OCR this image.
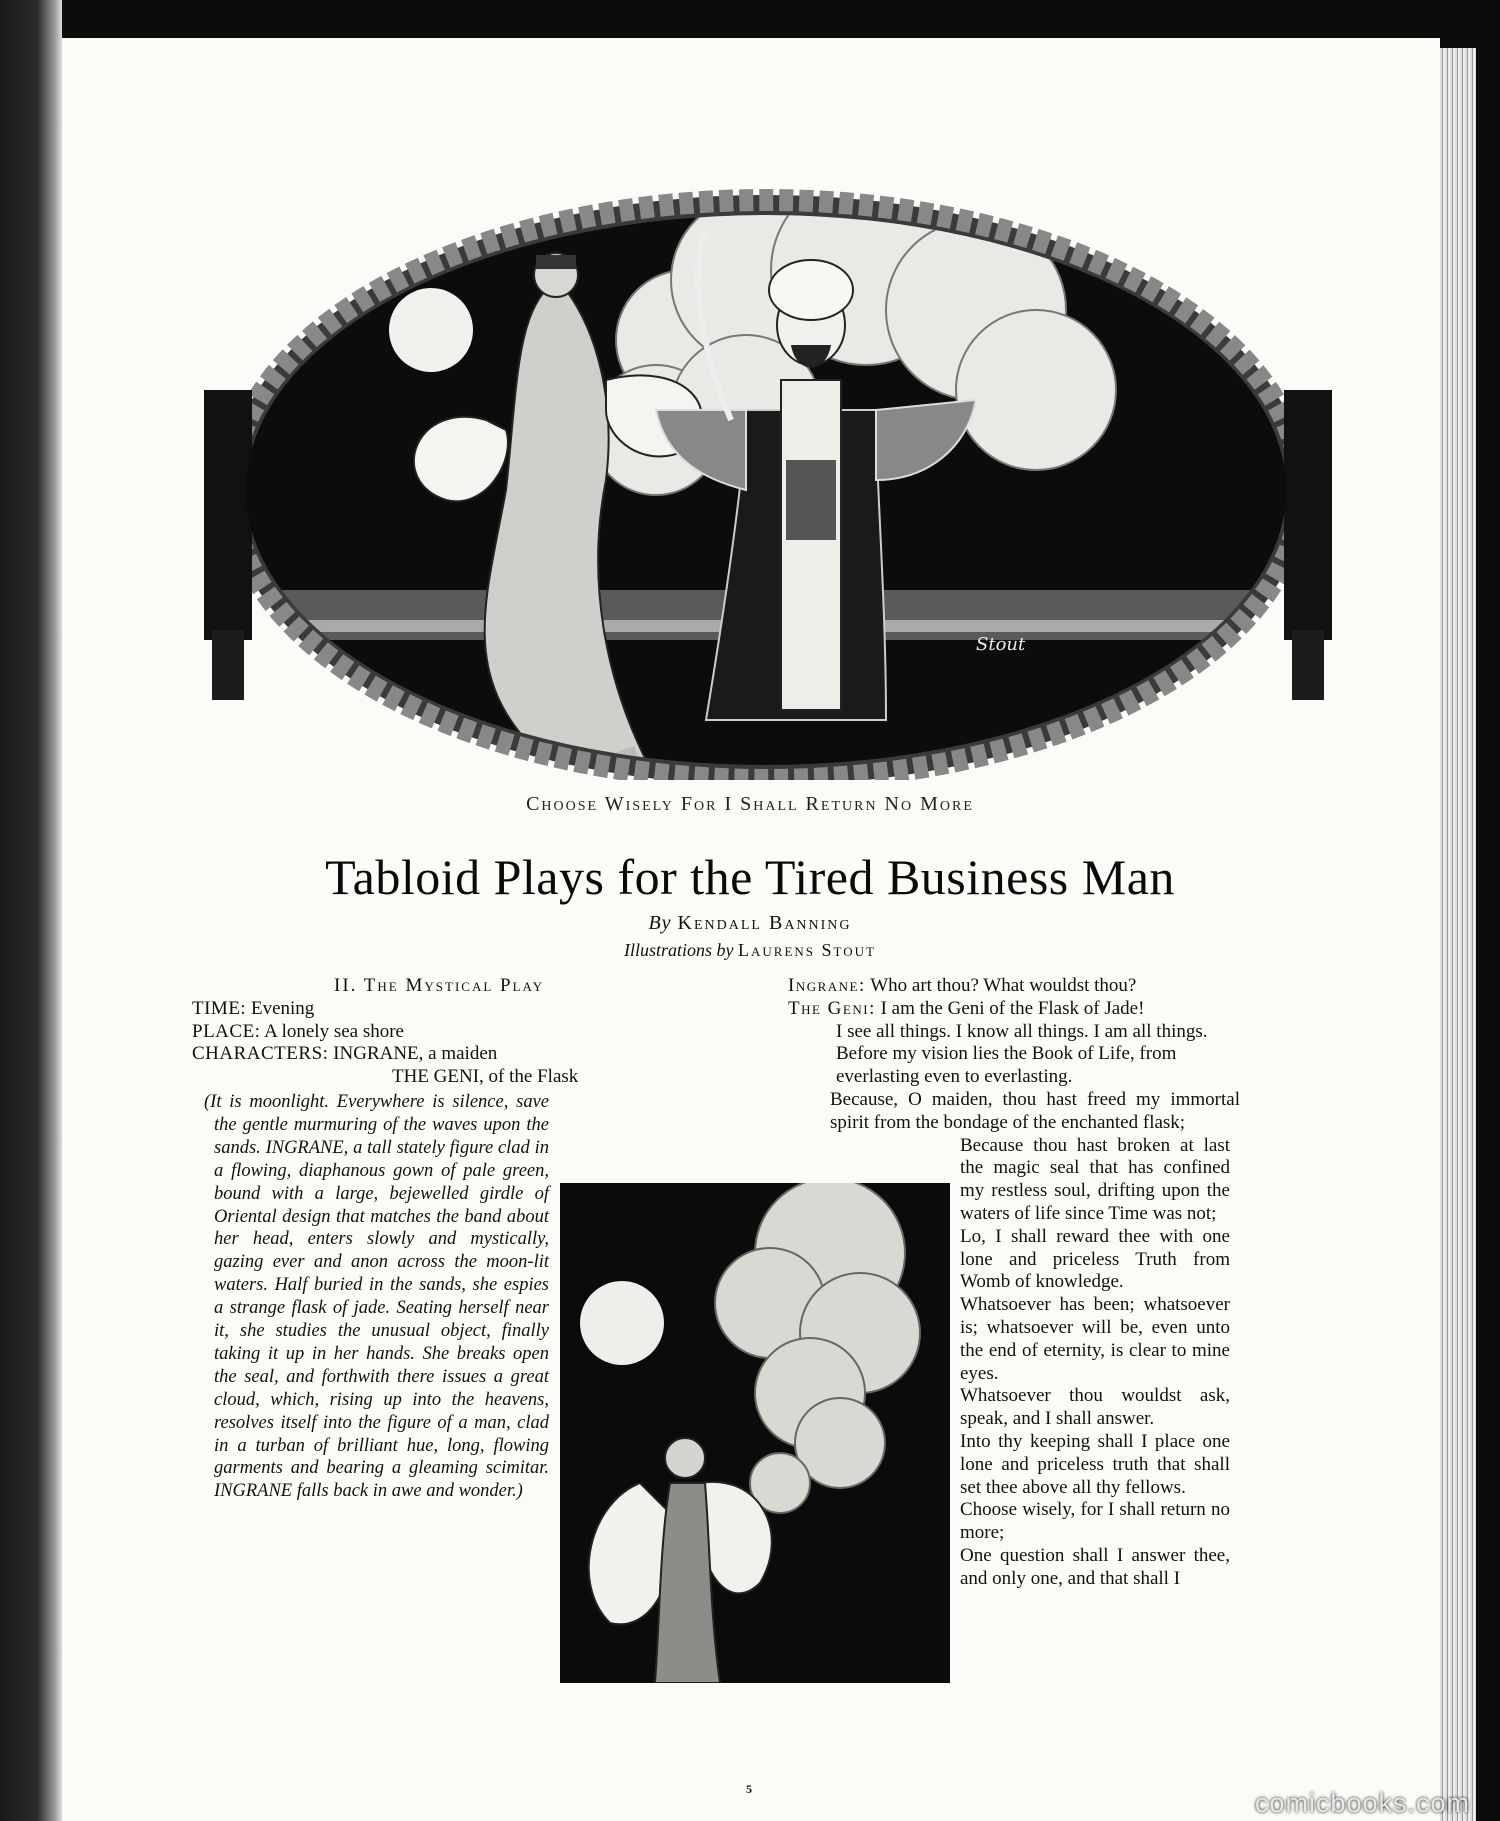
Stout
Choose Wisely For I Shall Return No More
Tabloid Plays for the Tired Business Man
By Kendall Banning
Illustrations by Laurens Stout
II. The Mystical Play
TIME: Evening
PLACE: A lonely sea shore
CHARACTERS: INGRANE, a maiden
THE GENI, of the Flask
(It is moonlight. Everywhere is silence, save the gentle murmuring of the waves upon the sands. INGRANE, a tall stately figure clad in a flowing, diaphanous gown of pale green, bound with a large, bejewelled girdle of Oriental design that matches the band about her head, enters slowly and mystically, gazing ever and anon across the moon-lit waters. Half buried in the sands, she espies a strange flask of jade. Seating herself near it, she studies the unusual object, finally taking it up in her hands. She breaks open the seal, and forthwith there issues a great cloud, which, rising up into the heavens, resolves itself into the figure of a man, clad in a turban of brilliant hue, long, flowing garments and bearing a gleaming scimitar. INGRANE falls back in awe and wonder.)
Ingrane: Who art thou? What wouldst thou?
The Geni: I am the Geni of the Flask of Jade!
I see all things. I know all things. I am all things.
Before my vision lies the Book of Life, from everlasting even to everlasting.
Because, O maiden, thou hast freed my immortal spirit from the bondage of the enchanted flask;
Because thou hast broken at last the magic seal that has confined my restless soul, drifting upon the waters of life since Time was not;
Lo, I shall reward thee with one lone and priceless Truth from Womb of knowledge.
Whatsoever has been; whatsoever is; whatsoever will be, even unto the end of eternity, is clear to mine eyes.
Whatsoever thou wouldst ask, speak, and I shall answer.
Into thy keeping shall I place one lone and priceless truth that shall set thee above all thy fellows.
Choose wisely, for I shall return no more;
One question shall I answer thee, and only one, and that shall I
5	comicbooks.com
